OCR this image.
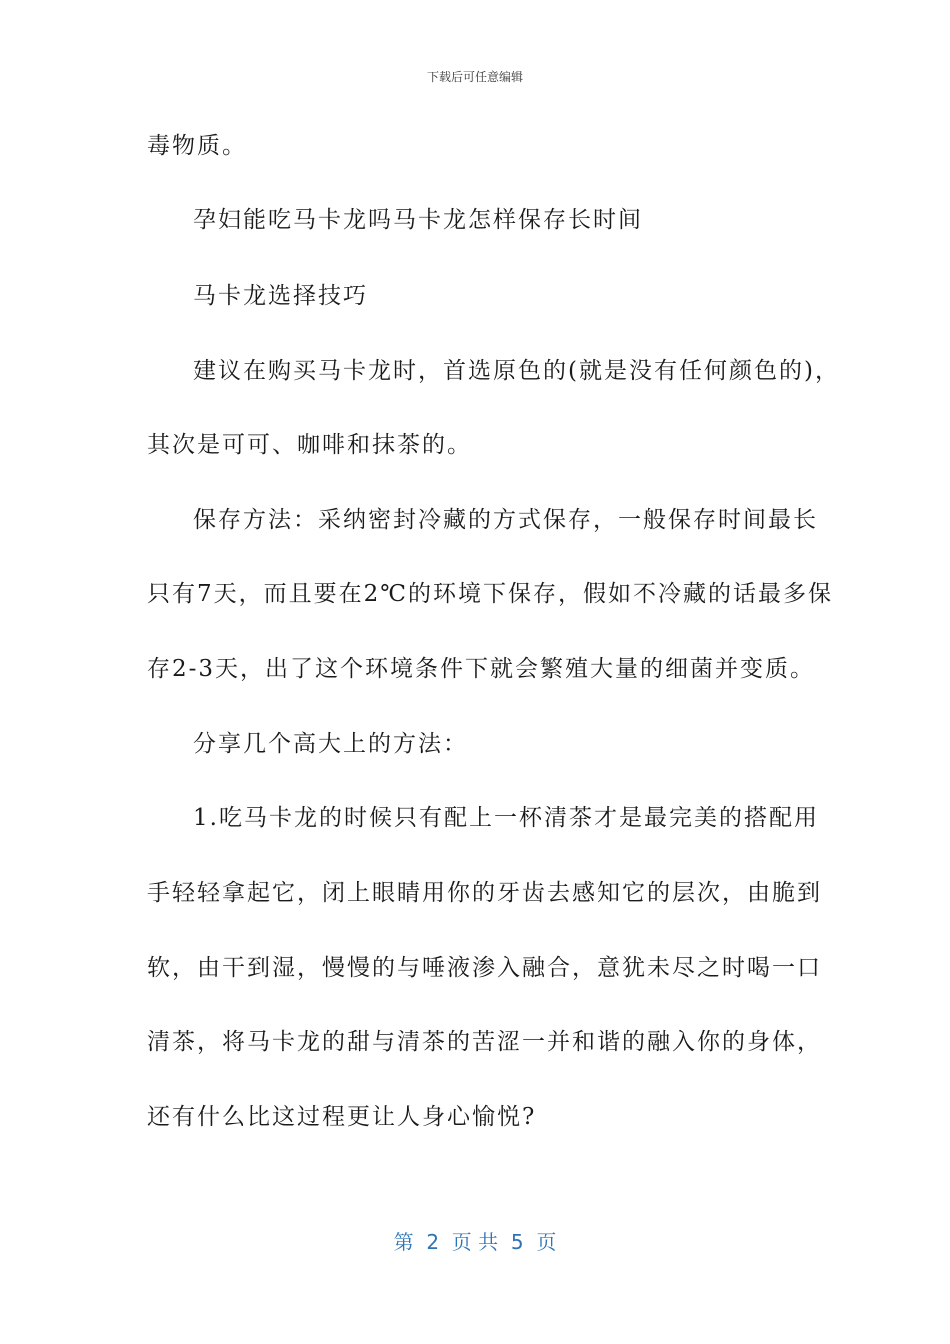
下载后可任意编辑
毒物质。
孕妇能吃马卡龙吗马卡龙怎样保存长时间
马卡龙选择技巧
建议在购买马卡龙时，首选原色的(就是没有任何颜色的)，
其次是可可、咖啡和抹茶的。
保存方法：采纳密封冷藏的方式保存，一般保存时间最长
只有7天，而且要在2℃的环境下保存，假如不冷藏的话最多保
存2-3天，出了这个环境条件下就会繁殖大量的细菌并变质。
分享几个高大上的方法：
1.吃马卡龙的时候只有配上一杯清茶才是最完美的搭配用
手轻轻拿起它，闭上眼睛用你的牙齿去感知它的层次，由脆到
软，由干到湿，慢慢的与唾液渗入融合，意犹未尽之时喝一口
清茶，将马卡龙的甜与清茶的苦涩一并和谐的融入你的身体，
还有什么比这过程更让人身心愉悦?
第  2  页 共  5  页
